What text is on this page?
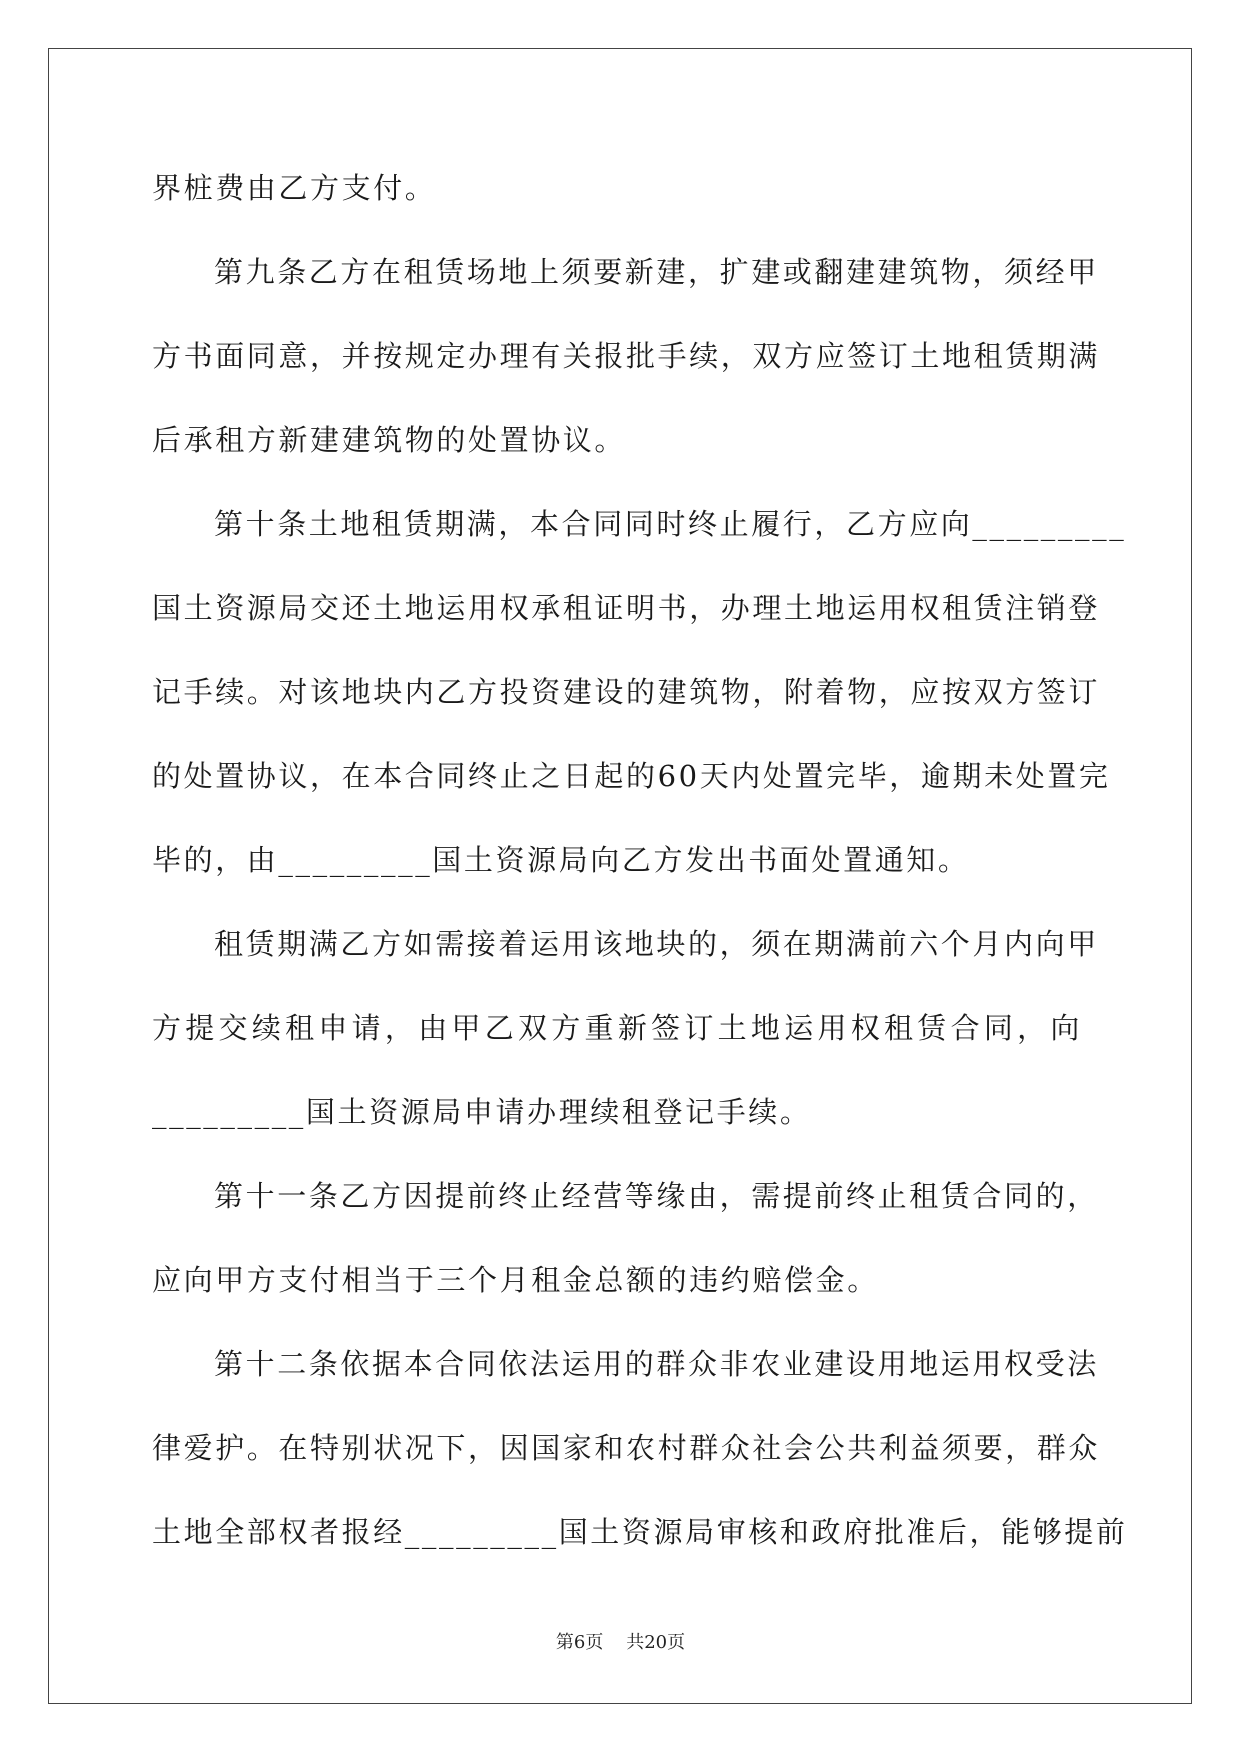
界桩费由乙方支付。
第九条乙方在租赁场地上须要新建，扩建或翻建建筑物，须经甲
方书面同意，并按规定办理有关报批手续，双方应签订土地租赁期满
后承租方新建建筑物的处置协议。
第十条土地租赁期满，本合同同时终止履行，乙方应向_________
国土资源局交还土地运用权承租证明书，办理土地运用权租赁注销登
记手续。对该地块内乙方投资建设的建筑物，附着物，应按双方签订
的处置协议，在本合同终止之日起的60天内处置完毕，逾期未处置完
毕的，由_________国土资源局向乙方发出书面处置通知。
租赁期满乙方如需接着运用该地块的，须在期满前六个月内向甲
方提交续租申请，由甲乙双方重新签订土地运用权租赁合同，向
_________国土资源局申请办理续租登记手续。
第十一条乙方因提前终止经营等缘由，需提前终止租赁合同的，
应向甲方支付相当于三个月租金总额的违约赔偿金。
第十二条依据本合同依法运用的群众非农业建设用地运用权受法
律爱护。在特别状况下，因国家和农村群众社会公共利益须要，群众
土地全部权者报经_________国土资源局审核和政府批准后，能够提前
第6页    共20页
